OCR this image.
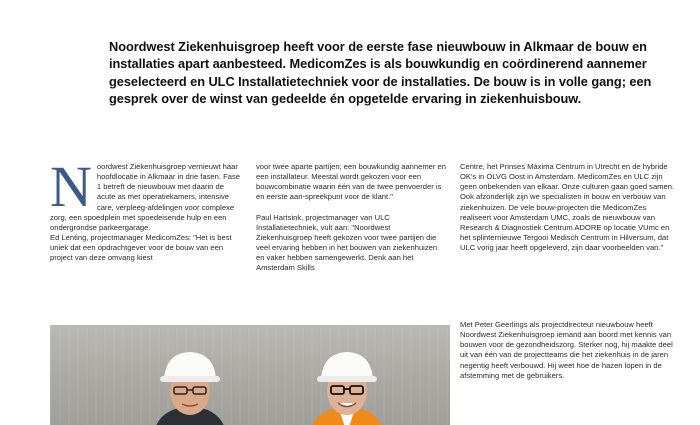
Noordwest Ziekenhuisgroep heeft voor de eerste fase nieuwbouw in Alkmaar de bouw en installaties apart aanbesteed. MedicomZes is als bouwkundig en coördinerend aannemer geselecteerd en ULC Installatietechniek voor de installaties. De bouw is in volle gang; een gesprek over de winst van gedeelde én opgetelde ervaring in ziekenhuisbouw.
N oordwest Ziekenhuisgroep vernieuwt haar hoofdlocatie in Alkmaar in drie fasen. Fase 1 betreft de nieuwbouw met daarin de acute as met operatiekamers, intensive care, verpleeg-afdelingen voor complexe zorg, een spoedplein met spoedeisende hulp en een ondergrondse parkeergarage.

Ed Lenting, projectmanager MedicomZes: "Het is best uniek dat een opdrachtgever voor de bouw van een project van deze omvang kiest

voor twee aparte partijen; een bouwkundig aannemer en een installateur. Meestal wordt gekozen voor een bouwcombinatie waarin één van de twee penvoerder is en eerste aan-spreekpunt voor de klant."

Paul Hartsink, projectmanager van ULC Installatietechniek, vult aan: "Noordwest Ziekenhuisgroep heeft gekozen voor twee partijen die veel ervaring hebben in het bouwen van ziekenhuizen en vaker hebben samengewerkt. Denk aan het Amsterdam Skills

Centre, het Prinses Máxima Centrum in Utrecht en de hybride OK's in OLVG Oost in Amsterdam. MedicomZes en ULC zijn geen onbekenden van elkaar. Onze culturen gaan goed samen. Ook afzonderlijk zijn we specialisten in bouw en verbouw van ziekenhuizen. De vele bouw-projecten die MedicomZes realiseert voor Amsterdam UMC, zoals de nieuwbouw van Research & Diagnostiek Centrum ADORE op locatie VUmc en het splinternieuwe Tergooi Medisch Centrum in Hilversum, dat ULC vorig jaar heeft opgeleverd, zijn daar voorbeelden van."

Met Peter Geerlings als projectdirecteur nieuwbouw heeft Noordwest Ziekenhuisgroep iemand aan boord met kennis van bouwen voor de gezondheidszorg. Sterker nog, hij maakte deel uit van één van de projectteams die het ziekenhuis in de jaren negentig heeft verbouwd. Hij weet hoe de hazen lopen in de afstemming met de gebruikers.
